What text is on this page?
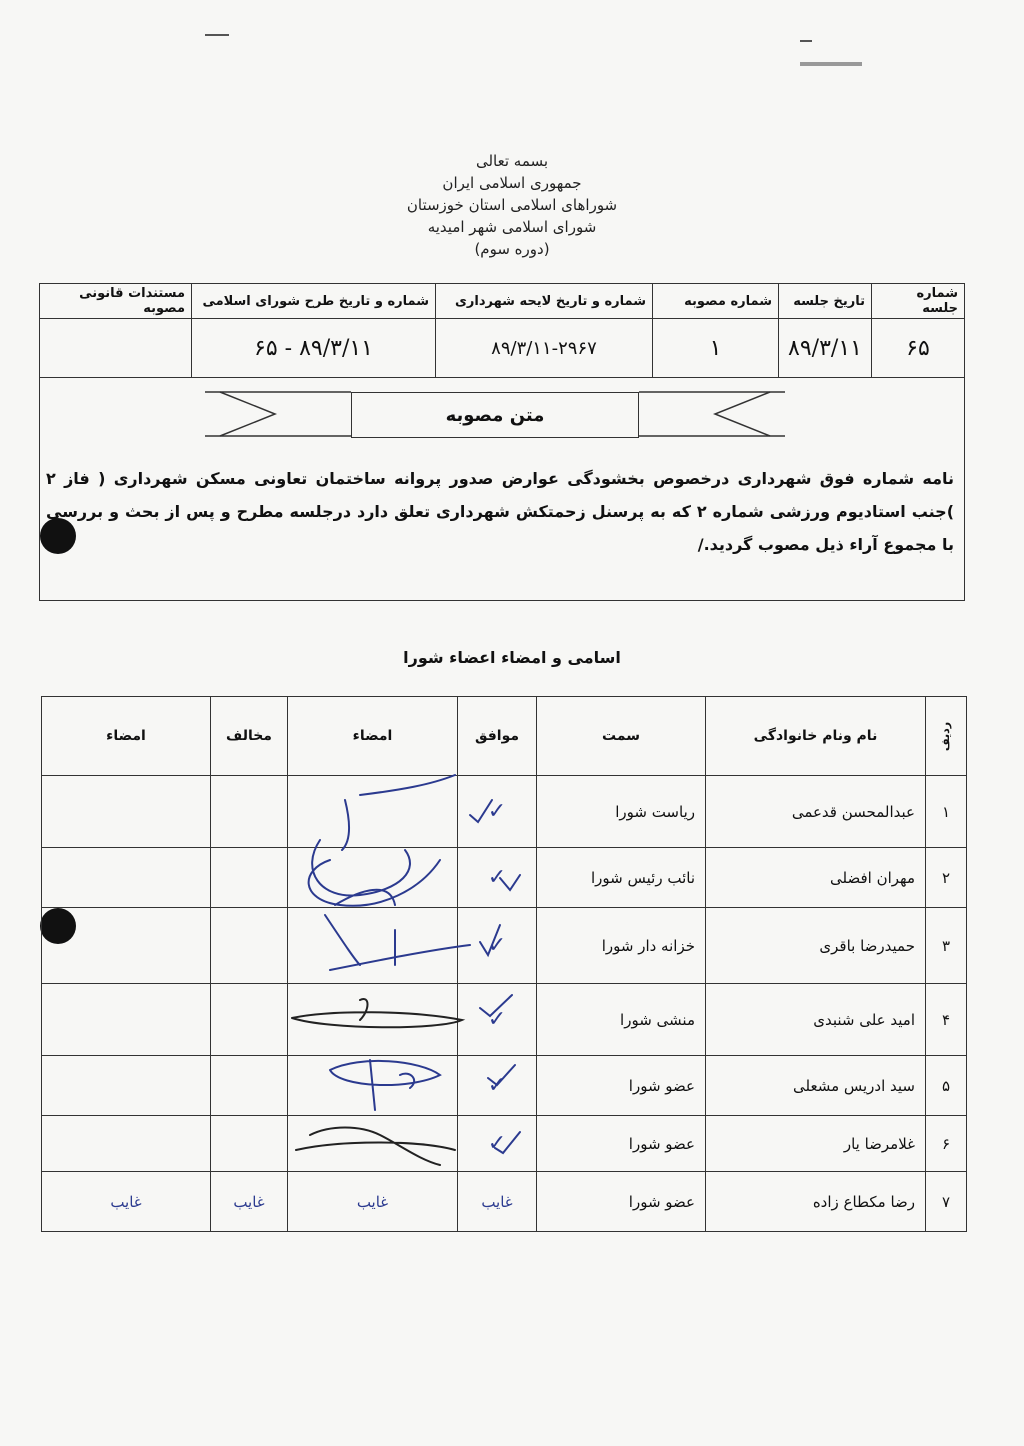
بسمه تعالی
جمهوری اسلامی ایران
شوراهای اسلامی استان خوزستان
شورای اسلامی شهر امیدیه
(دوره سوم)
شماره جلسه	تاریخ جلسه	شماره مصوبه	شماره و تاریخ لایحه شهرداری	شماره و تاریخ طرح شورای اسلامی	مستندات قانونی مصوبه
۶۵	۸۹/۳/۱۱	۱	۸۹/۳/۱۱-۲۹۶۷	۸۹/۳/۱۱ - ۶۵	

متن مصوبه
نامه شماره فوق شهرداری درخصوص بخشودگی عوارض صدور پروانه ساختمان تعاونی مسکن شهرداری ( فاز ۲ )جنب استادیوم ورزشی شماره ۲ که به پرسنل زحمتکش شهرداری تعلق دارد درجلسه مطرح و پس از بحث و بررسی با مجموع آراء ذیل مصوب گردید./
اسامی و امضاء اعضاء شورا
ردیف	نام ونام خانوادگی	سمت	موافق	امضاء	مخالف	امضاء
۱	عبدالمحسن قدعمی	ریاست شورا	✓			
۲	مهران افضلی	نائب رئیس شورا	✓			
۳	حمیدرضا باقری	خزانه دار شورا	✓			
۴	امید علی شنبدی	منشی شورا	✓			
۵	سید ادریس مشعلی	عضو شورا	✓			
۶	غلامرضا یار	عضو شورا	✓			
۷	رضا مکطاع زاده	عضو شورا	غایب	غایب	غایب	غایب
